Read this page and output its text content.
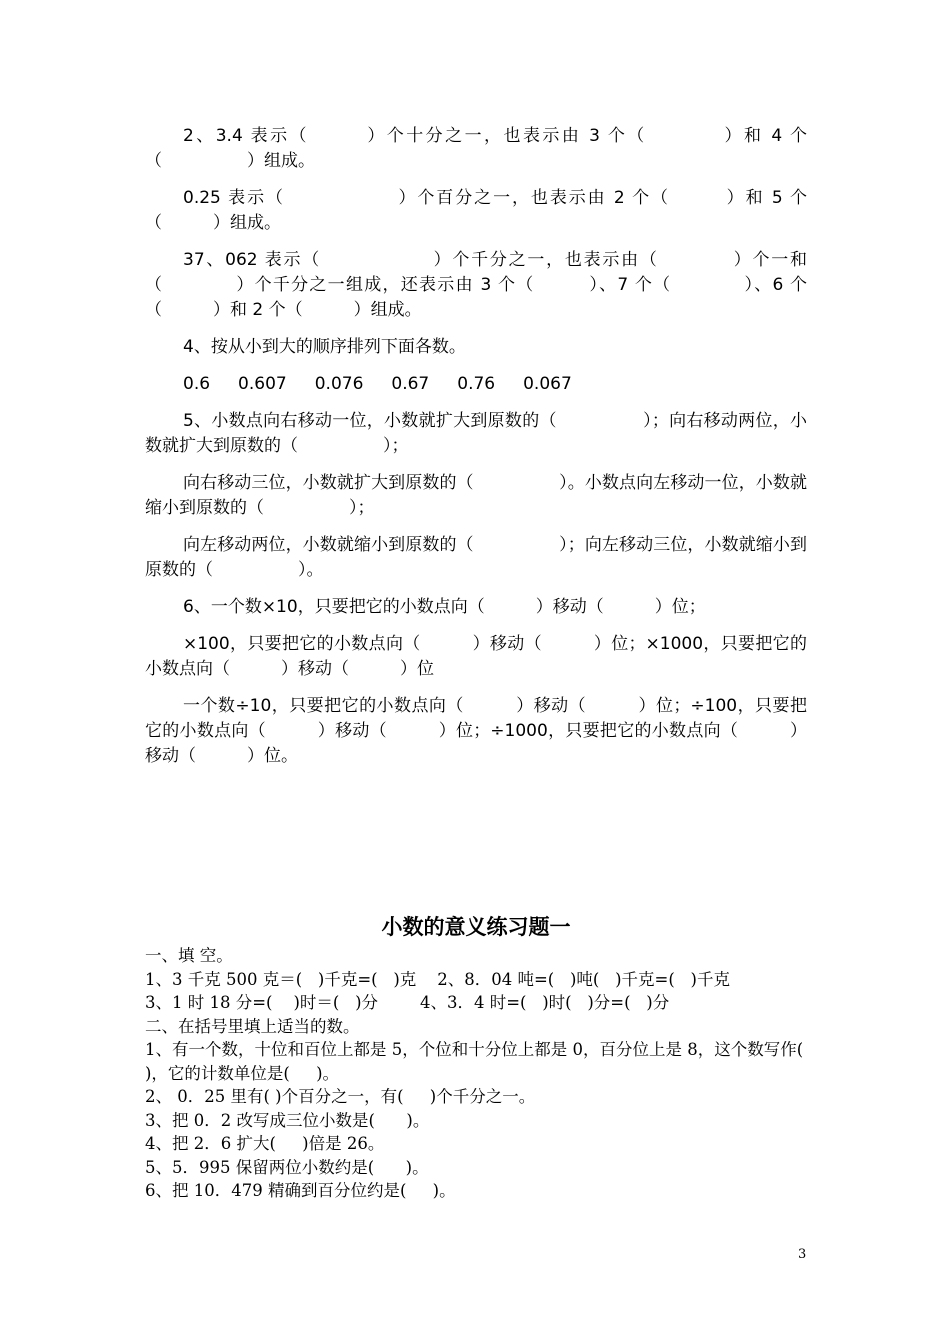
2、3.4 表示（　　　）个十分之一，也表示由 3 个（　　　　）和 4 个（　　　　　）组成。

0.25 表示（　　　　　　）个百分之一，也表示由 2 个（　　　）和 5 个（　　　）组成。

37、062 表示（　　　　　　）个千分之一，也表示由（　　　　）个一和（　　　　）个千分之一组成，还表示由 3 个（　　　）、7 个（　　　　）、6 个（　　　）和 2 个（　　　）组成。

4、按从小到大的顺序排列下面各数。

0.6 0.607 0.076 0.67 0.76 0.067

5、小数点向右移动一位，小数就扩大到原数的（　　　　　）；向右移动两位，小数就扩大到原数的（　　　　　）；

向右移动三位，小数就扩大到原数的（　　　　　）。小数点向左移动一位，小数就缩小到原数的（　　　　　）；

向左移动两位，小数就缩小到原数的（　　　　　）；向左移动三位，小数就缩小到原数的（　　　　　）。

6、一个数×10，只要把它的小数点向（　　　）移动（　　　）位；

×100，只要把它的小数点向（　　　）移动（　　　）位；×1000，只要把它的小数点向（　　　）移动（　　　）位

一个数÷10，只要把它的小数点向（　　　）移动（　　　）位；÷100，只要把它的小数点向（　　　）移动（　　　）位；÷1000，只要把它的小数点向（　　　）移动（　　　）位。

小数的意义练习题一

一、填 空。

1、3 千克 500 克＝(   )千克=(   )克    2、8．04 吨=(   )吨(   )千克=(   )千克

3、1 时 18 分=(    )时＝(   )分        4、3．4 时=(   )时(   )分=(   )分

二、在括号里填上适当的数。

1、有一个数，十位和百位上都是 5，个位和十分位上都是 0，百分位上是 8，这个数写作(    )，它的计数单位是(     )。

2、 0．25 里有( )个百分之一，有(     )个千分之一。

3、把 0．2 改写成三位小数是(      )。

4、把 2．6 扩大(     )倍是 26。

5、5．995 保留两位小数约是(      )。

6、把 10．479 精确到百分位约是(     )。

3
